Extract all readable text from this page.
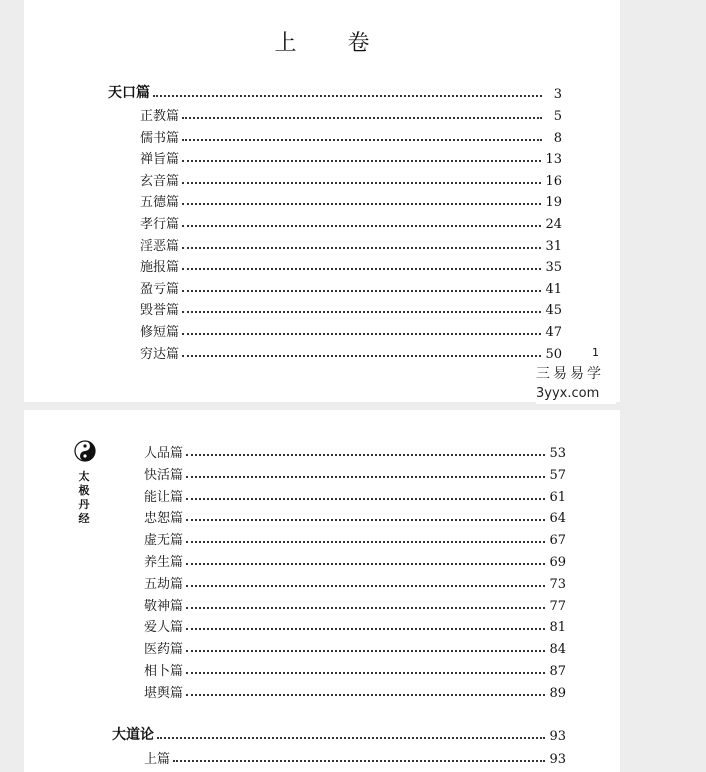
上 卷
天口篇	3
正教篇	5
儒书篇	8
禅旨篇	13
玄音篇	16
五德篇	19
孝行篇	24
淫恶篇	31
施报篇	35
盈亏篇	41
毁誉篇	45
修短篇	47
穷达篇	50	1
三易易学
3yyx.com
太
极
丹
经
人品篇	53
快活篇	57
能让篇	61
忠恕篇	64
虚无篇	67
养生篇	69
五劫篇	73
敬神篇	77
爱人篇	81
医药篇	84
相卜篇	87
堪舆篇	89
大道论	93
上篇	93
